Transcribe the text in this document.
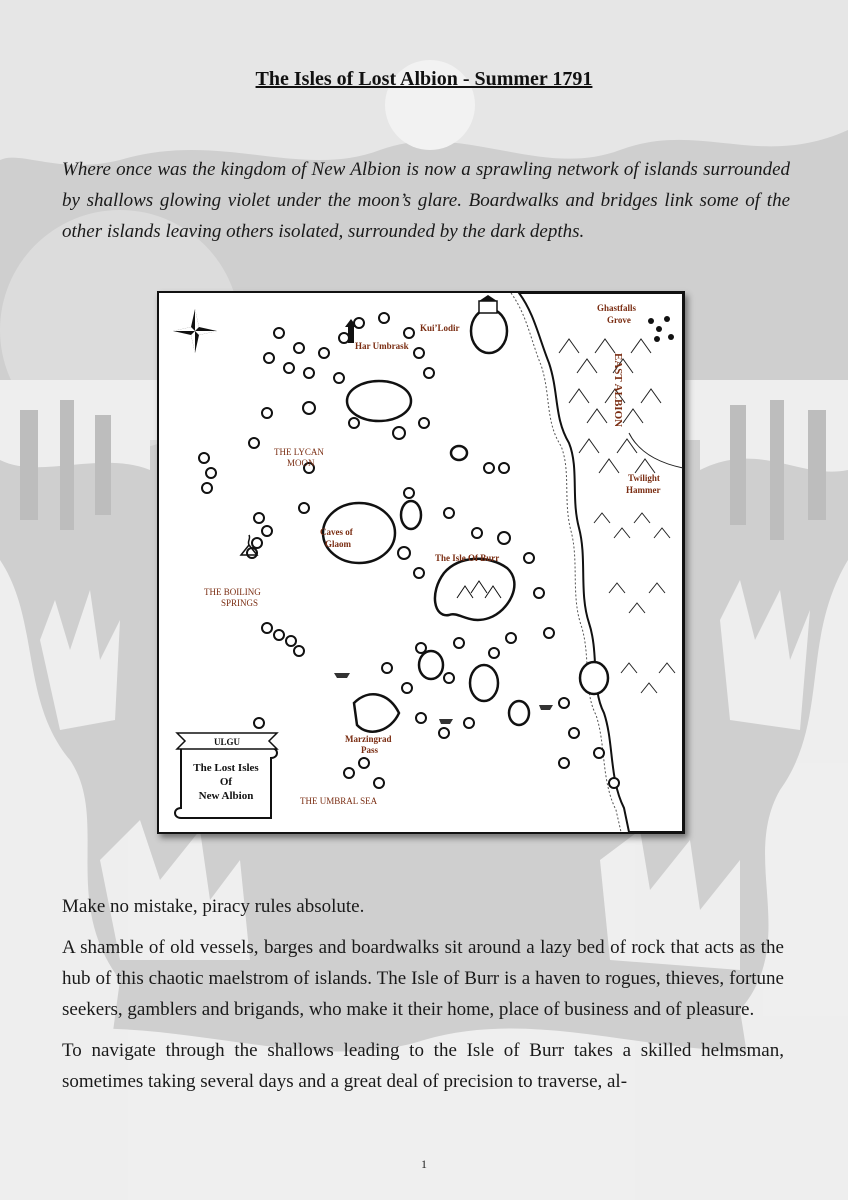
The Isles of Lost Albion - Summer 1791
Where once was the kingdom of New Albion is now a sprawling network of islands surrounded by shallows glowing violet under the moon’s glare. Boardwalks and bridges link some of the other islands leaving others isolated, surrounded by the dark depths.
Har Umbrask
Kui’Lodir
Ghastfalls
Grove
EAST ALBION
THE LYCAN
MOON
Twilight
Hammer
Caves of
Glaom
The Isle Of Burr
THE BOILING
SPRINGS
Marzingrad
Pass
THE UMBRAL SEA
ULGU
The Lost Isles
Of
New Albion

Make no mistake, piracy rules absolute.

A shamble of old vessels, barges and boardwalks sit around a lazy bed of rock that acts as the hub of this chaotic maelstrom of islands. The Isle of Burr is a haven to rogues, thieves, fortune seekers, gamblers and brigands, who make it their home, place of business and of pleasure.

To navigate through the shallows leading to the Isle of Burr takes a skilled helmsman, sometimes taking several days and a great deal of precision to traverse, al-

1
